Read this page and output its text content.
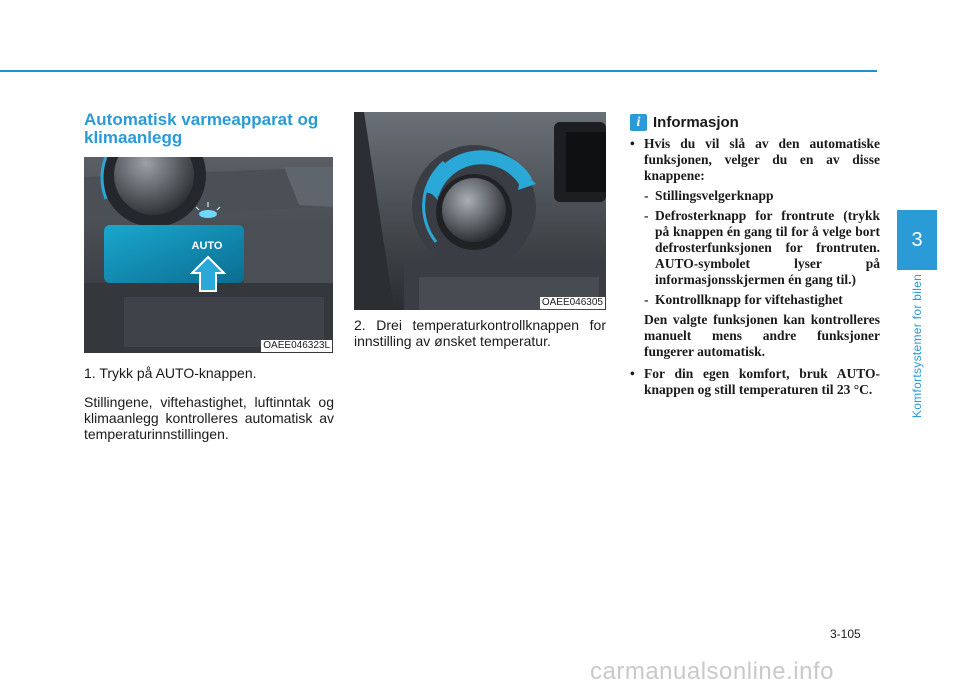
Automatisk varmeapparat og klimaanlegg
AUTO
OAEE046323L

1. Trykk på AUTO-knappen.

Stillingene, viftehastighet, luftinntak og klimaanlegg kontrolleres automatisk av
temperaturinnstillingen.

OAEE046305

2. Drei temperaturkontrollknappen for innstilling av ønsket temperatur.

i Informasjon
• Hvis du vil slå av den automatiske funksjonen, velger du en av disse knappene:
- Stillingsvelgerknapp
- Defrosterknapp for frontrute (trykk på knappen én gang til for å velge bort defrosterfunksjonen for frontruten. AUTO-symbolet lyser på informasjonsskjermen én gang til.)
- Kontrollknapp for viftehastighet
Den valgte funksjonen kan kontrolleres manuelt mens andre funksjoner fungerer automatisk.
• For din egen komfort, bruk AUTO-knappen og still temperaturen til 23 °C.
3
Komfortsystemer for bilen
3-105
carmanualsonline.info
